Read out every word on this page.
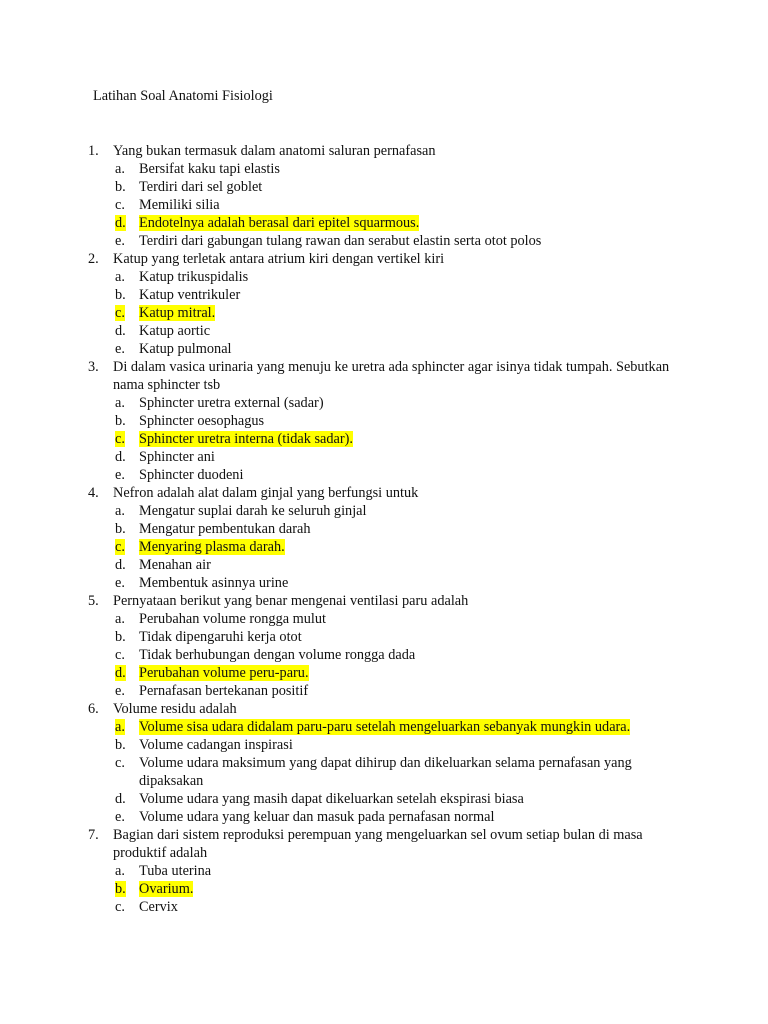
Latihan Soal Anatomi Fisiologi
1. Yang bukan termasuk dalam anatomi saluran pernafasan
a. Bersifat kaku tapi elastis
b. Terdiri dari sel goblet
c. Memiliki silia
d. Endotelnya adalah berasal dari epitel squarmous.
e. Terdiri dari gabungan tulang rawan dan serabut elastin serta otot polos
2. Katup yang terletak antara atrium kiri dengan vertikel kiri
a. Katup trikuspidalis
b. Katup ventrikuler
c. Katup mitral.
d. Katup aortic
e. Katup pulmonal
3. Di dalam vasica urinaria yang menuju ke uretra ada sphincter agar isinya tidak tumpah. Sebutkan nama sphincter tsb
a. Sphincter uretra external (sadar)
b. Sphincter oesophagus
c. Sphincter uretra interna (tidak sadar).
d. Sphincter ani
e. Sphincter duodeni
4. Nefron adalah alat dalam ginjal yang berfungsi untuk
a. Mengatur suplai darah ke seluruh ginjal
b. Mengatur pembentukan darah
c. Menyaring plasma darah.
d. Menahan air
e. Membentuk asinnya urine
5. Pernyataan berikut yang benar mengenai ventilasi paru adalah
a. Perubahan volume rongga mulut
b. Tidak dipengaruhi kerja otot
c. Tidak berhubungan dengan volume rongga dada
d. Perubahan volume peru-paru.
e. Pernafasan bertekanan positif
6. Volume residu adalah
a. Volume sisa udara didalam paru-paru setelah mengeluarkan sebanyak mungkin udara.
b. Volume cadangan inspirasi
c. Volume udara maksimum yang dapat dihirup dan dikeluarkan selama pernafasan yang dipaksakan
d. Volume udara yang masih dapat dikeluarkan setelah ekspirasi biasa
e. Volume udara yang keluar dan masuk pada pernafasan normal
7. Bagian dari sistem reproduksi perempuan yang mengeluarkan sel ovum setiap bulan di masa produktif adalah
a. Tuba uterina
b. Ovarium.
c. Cervix
